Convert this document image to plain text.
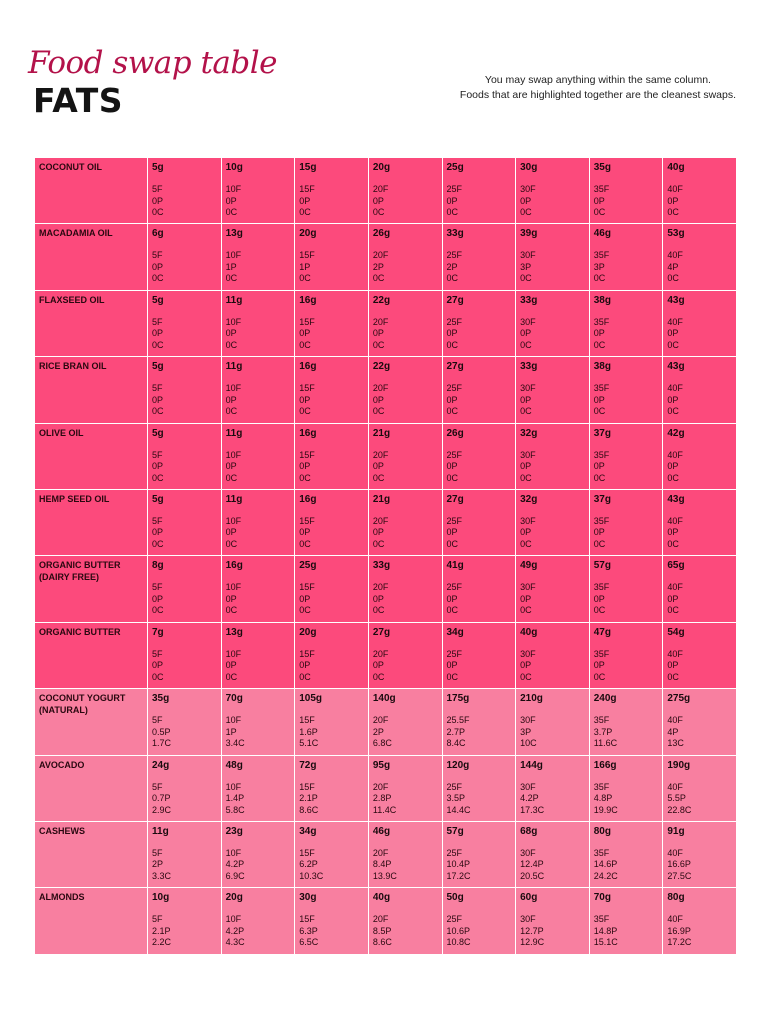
Food swap table
FATS
You may swap anything within the same column.
Foods that are highlighted together are the cleanest swaps.
COCONUT OIL	5g
5F
0P
0C	10g
10F
0P
0C	15g
15F
0P
0C	20g
20F
0P
0C	25g
25F
0P
0C	30g
30F
0P
0C	35g
35F
0P
0C	40g
40F
0P
0C

MACADAMIA OIL	6g
5F
0P
0C	13g
10F
1P
0C	20g
15F
1P
0C	26g
20F
2P
0C	33g
25F
2P
0C	39g
30F
3P
0C	46g
35F
3P
0C	53g
40F
4P
0C

FLAXSEED OIL	5g
5F
0P
0C	11g
10F
0P
0C	16g
15F
0P
0C	22g
20F
0P
0C	27g
25F
0P
0C	33g
30F
0P
0C	38g
35F
0P
0C	43g
40F
0P
0C

RICE BRAN OIL	5g
5F
0P
0C	11g
10F
0P
0C	16g
15F
0P
0C	22g
20F
0P
0C	27g
25F
0P
0C	33g
30F
0P
0C	38g
35F
0P
0C	43g
40F
0P
0C

OLIVE OIL	5g
5F
0P
0C	11g
10F
0P
0C	16g
15F
0P
0C	21g
20F
0P
0C	26g
25F
0P
0C	32g
30F
0P
0C	37g
35F
0P
0C	42g
40F
0P
0C

HEMP SEED OIL	5g
5F
0P
0C	11g
10F
0P
0C	16g
15F
0P
0C	21g
20F
0P
0C	27g
25F
0P
0C	32g
30F
0P
0C	37g
35F
0P
0C	43g
40F
0P
0C

ORGANIC BUTTER (DAIRY FREE)	8g
5F
0P
0C	16g
10F
0P
0C	25g
15F
0P
0C	33g
20F
0P
0C	41g
25F
0P
0C	49g
30F
0P
0C	57g
35F
0P
0C	65g
40F
0P
0C

ORGANIC BUTTER	7g
5F
0P
0C	13g
10F
0P
0C	20g
15F
0P
0C	27g
20F
0P
0C	34g
25F
0P
0C	40g
30F
0P
0C	47g
35F
0P
0C	54g
40F
0P
0C

COCONUT YOGURT (NATURAL)	35g
5F
0.5P
1.7C	70g
10F
1P
3.4C	105g
15F
1.6P
5.1C	140g
20F
2P
6.8C	175g
25.5F
2.7P
8.4C	210g
30F
3P
10C	240g
35F
3.7P
11.6C	275g
40F
4P
13C

AVOCADO	24g
5F
0.7P
2.9C	48g
10F
1.4P
5.8C	72g
15F
2.1P
8.6C	95g
20F
2.8P
11.4C	120g
25F
3.5P
14.4C	144g
30F
4.2P
17.3C	166g
35F
4.8P
19.9C	190g
40F
5.5P
22.8C

CASHEWS	11g
5F
2P
3.3C	23g
10F
4.2P
6.9C	34g
15F
6.2P
10.3C	46g
20F
8.4P
13.9C	57g
25F
10.4P
17.2C	68g
30F
12.4P
20.5C	80g
35F
14.6P
24.2C	91g
40F
16.6P
27.5C

ALMONDS	10g
5F
2.1P
2.2C	20g
10F
4.2P
4.3C	30g
15F
6.3P
6.5C	40g
20F
8.5P
8.6C	50g
25F
10.6P
10.8C	60g
30F
12.7P
12.9C	70g
35F
14.8P
15.1C	80g
40F
16.9P
17.2C
